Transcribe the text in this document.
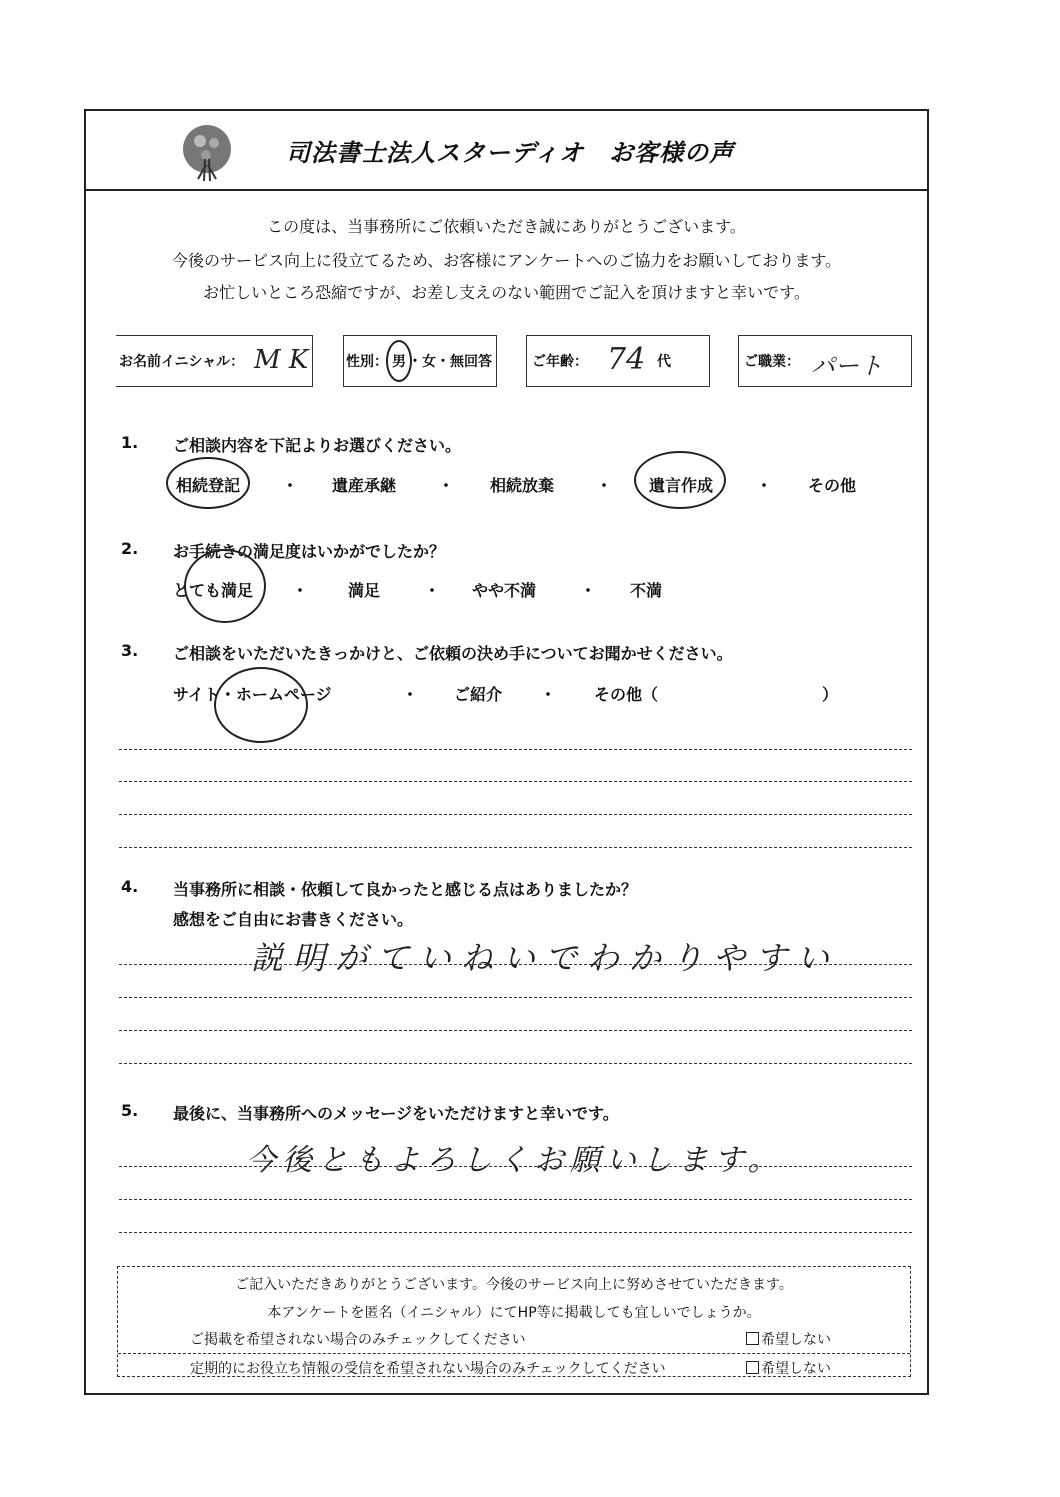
司法書士法人スターディオ　お客様の声
この度は、当事務所にご依頼いただき誠にありがとうございます。
今後のサービス向上に役立てるため、お客様にアンケートへのご協力をお願いしております。
お忙しいところ恐縮ですが、お差し支えのない範囲でご記入を頂けますと幸いです。
お名前イニシャル： M K	性別： 男 ・女・無回答	ご年齢： 74 代	ご職業： パート
1. ご相談内容を下記よりお選びください。
相続登記	・ 遺産承継	・ 相続放棄	・ 遺言作成	・ その他
2. お手続きの満足度はいかがでしたか？
とても満足 ・ 満足	・ やや不満	・ 不満
3. ご相談をいただいたきっかけと、ご依頼の決め手についてお聞かせください。
サイト・ホームページ	・ ご紹介 ・ その他（	）
4. 当事務所に相談・依頼して良かったと感じる点はありましたか？
感想をご自由にお書きください。
説明がていねいでわかりやすい
5. 最後に、当事務所へのメッセージをいただけますと幸いです。
今後ともよろしくお願いします。
ご記入いただきありがとうございます。今後のサービス向上に努めさせていただきます。
本アンケートを匿名（イニシャル）にてHP等に掲載しても宜しいでしょうか。
ご掲載を希望されない場合のみチェックしてください	希望しない
定期的にお役立ち情報の受信を希望されない場合のみチェックしてください	希望しない
